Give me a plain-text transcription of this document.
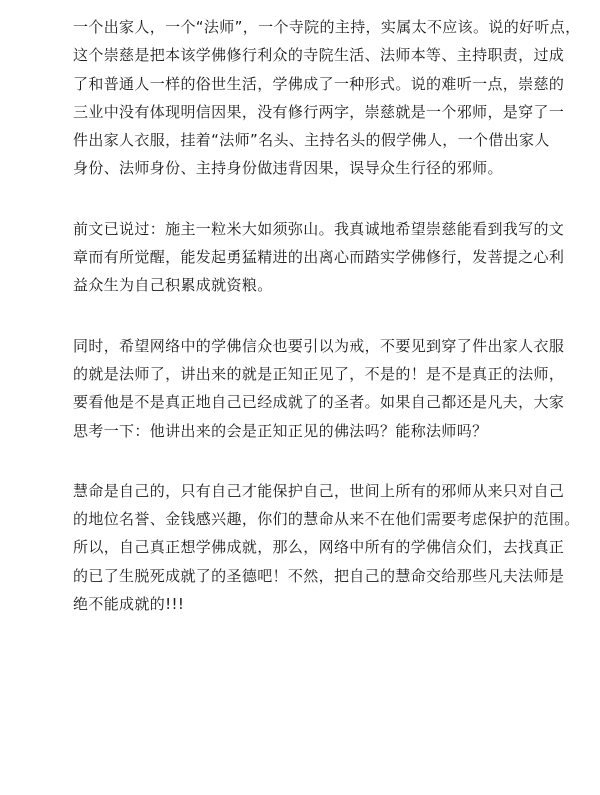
一个出家人，一个“法师”，一个寺院的主持，实属太不应该。说的好听点，
这个崇慈是把本该学佛修行利众的寺院生活、法师本等、主持职责，过成
了和普通人一样的俗世生活，学佛成了一种形式。说的难听一点，崇慈的
三业中没有体现明信因果，没有修行两字，崇慈就是一个邪师，是穿了一
件出家人衣服，挂着“法师”名头、主持名头的假学佛人，一个借出家人
身份、法师身份、主持身份做违背因果，误导众生行径的邪师。
前文已说过：施主一粒米大如须弥山。我真诚地希望崇慈能看到我写的文
章而有所觉醒，能发起勇猛精进的出离心而踏实学佛修行，发菩提之心利
益众生为自己积累成就资粮。
同时，希望网络中的学佛信众也要引以为戒，不要见到穿了件出家人衣服
的就是法师了，讲出来的就是正知正见了，不是的！是不是真正的法师，
要看他是不是真正地自己已经成就了的圣者。如果自己都还是凡夫，大家
思考一下：他讲出来的会是正知正见的佛法吗？能称法师吗？
慧命是自己的，只有自己才能保护自己，世间上所有的邪师从来只对自己
的地位名誉、金钱感兴趣，你们的慧命从来不在他们需要考虑保护的范围。
所以，自己真正想学佛成就，那么，网络中所有的学佛信众们，去找真正
的已了生脱死成就了的圣德吧！不然，把自己的慧命交给那些凡夫法师是
绝不能成就的!!!
